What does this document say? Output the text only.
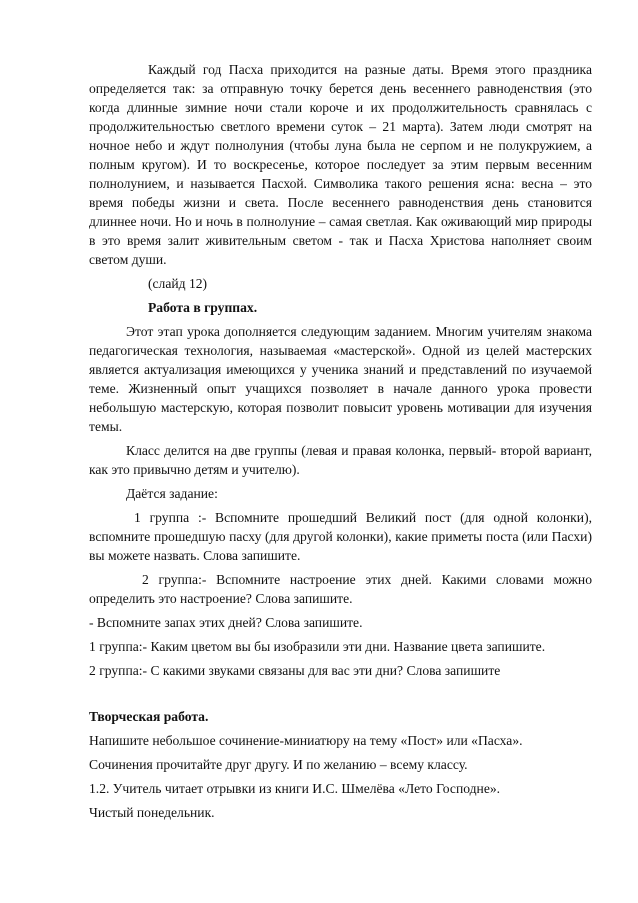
Каждый год Пасха приходится на разные даты. Время этого праздника определяется так: за отправную точку берется день весеннего равноденствия (это когда длинные зимние ночи стали короче и их продолжительность сравнялась с продолжительностью светлого времени суток – 21 марта). Затем люди смотрят на ночное небо и ждут полнолуния (чтобы луна была не серпом и не полукружием, а полным кругом). И то воскресенье, которое последует за этим первым весенним полнолунием, и называется Пасхой. Символика такого решения ясна: весна – это время победы жизни и света. После весеннего равноденствия день становится длиннее ночи. Но и ночь в полнолуние – самая светлая. Как оживающий мир природы в это время залит живительным светом - так и Пасха Христова наполняет своим светом души.

(слайд 12)

Работа в группах.

Этот этап урока дополняется следующим заданием. Многим учителям знакома педагогическая технология, называемая «мастерской». Одной из целей мастерских является актуализация имеющихся у ученика знаний и представлений по изучаемой теме. Жизненный опыт учащихся позволяет в начале данного урока провести небольшую мастерскую, которая позволит повысит уровень мотивации для изучения темы.

Класс делится на две группы (левая и правая колонка, первый- второй вариант, как это привычно детям и учителю).

Даётся задание:

1 группа :- Вспомните прошедший Великий пост (для одной колонки), вспомните прошедшую пасху (для другой колонки), какие приметы поста (или Пасхи) вы можете назвать. Слова запишите.

2 группа:- Вспомните настроение этих дней. Какими словами можно определить это настроение? Слова запишите.

- Вспомните запах этих дней? Слова запишите.

1 группа:- Каким цветом вы бы изобразили эти дни. Название цвета запишите.

2 группа:- С какими звуками связаны для вас эти дни? Слова запишите

Творческая работа.

Напишите небольшое сочинение-миниатюру на тему «Пост» или «Пасха».

Сочинения прочитайте друг другу. И по желанию – всему классу.

1.2. Учитель читает отрывки из книги И.С. Шмелёва «Лето Господне».

Чистый понедельник.
